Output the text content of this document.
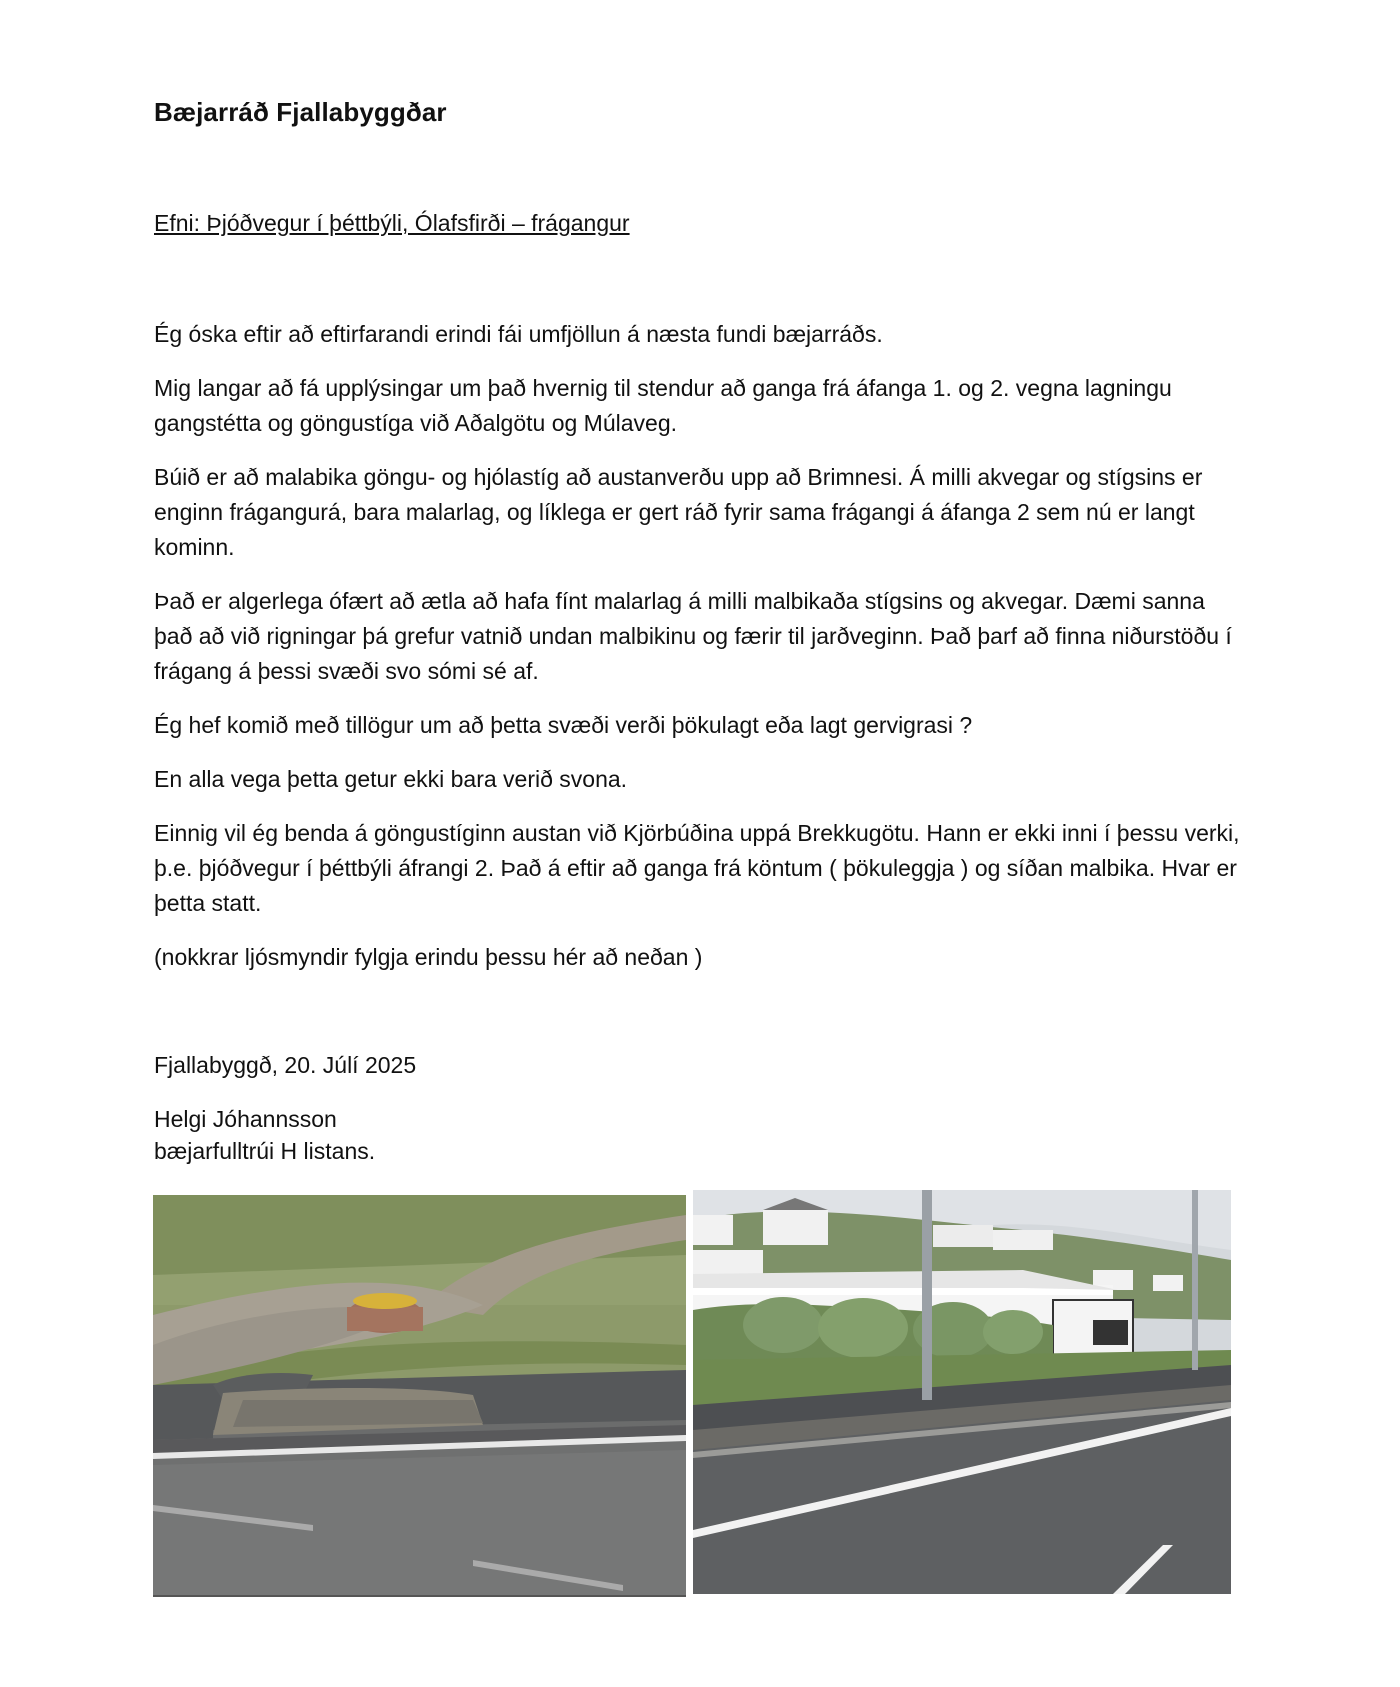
Bæjarráð Fjallabyggðar

Efni: Þjóðvegur í þéttbýli, Ólafsfirði – frágangur

Ég óska eftir að eftirfarandi erindi fái umfjöllun á næsta fundi bæjarráðs.

Mig langar að fá upplýsingar um það hvernig til stendur að ganga frá áfanga 1. og 2. vegna lagningu gangstétta og göngustíga við Aðalgötu og Múlaveg.

Búið er að malabika göngu- og hjólastíg að austanverðu upp að Brimnesi. Á milli akvegar og stígsins er enginn frágangurá, bara malarlag, og líklega er gert ráð fyrir sama frágangi á áfanga 2 sem nú er langt kominn.

Það er algerlega ófært að ætla að hafa fínt malarlag á milli malbikaða stígsins og akvegar. Dæmi sanna það að við rigningar þá grefur vatnið undan malbikinu og færir til jarðveginn. Það þarf að finna niðurstöðu í frágang á þessi svæði svo sómi sé af.

Ég hef komið með tillögur um að þetta svæði verði þökulagt eða lagt gervigrasi ?

En alla vega þetta getur ekki bara verið svona.

Einnig vil ég benda á göngustíginn austan við Kjörbúðina uppá Brekkugötu. Hann er ekki inni í þessu verki, þ.e. þjóðvegur í þéttbýli áfrangi 2. Það á eftir að ganga frá köntum ( þökuleggja ) og síðan malbika. Hvar er þetta statt.

(nokkrar ljósmyndir fylgja erindu þessu hér að neðan )

Fjallabyggð, 20. Júlí 2025

Helgi Jóhannsson
bæjarfulltrúi H listans.
